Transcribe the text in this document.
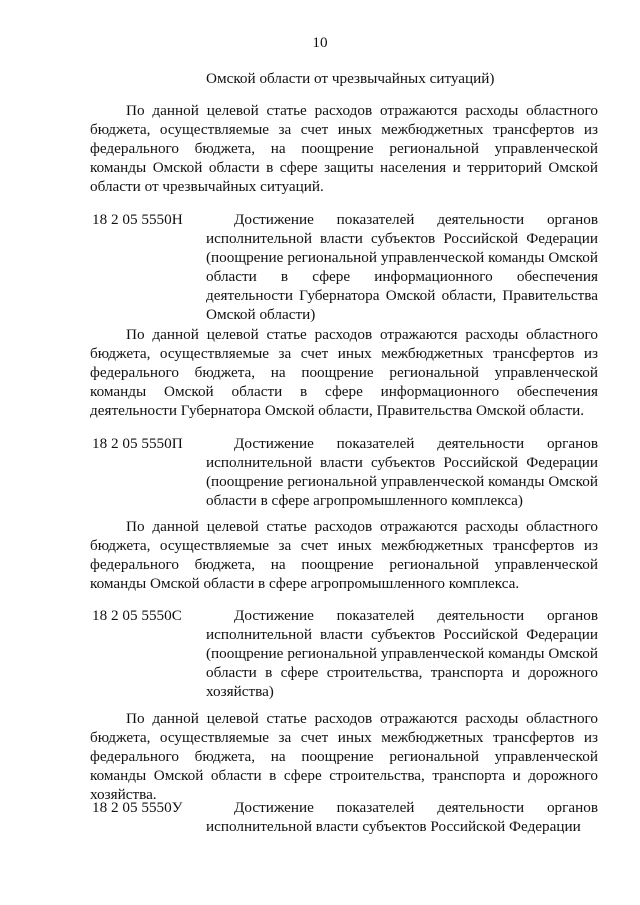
10
Омской области от чрезвычайных ситуаций)
По данной целевой статье расходов отражаются расходы областного бюджета, осуществляемые за счет иных межбюджетных трансфертов из федерального бюджета, на поощрение региональной управленческой команды Омской области в сфере защиты населения и территорий Омской области от чрезвычайных ситуаций.
18 2 05 5550Н	Достижение показателей деятельности органов исполнительной власти субъектов Российской Федерации (поощрение региональной управленческой команды Омской области в сфере информационного обеспечения деятельности Губернатора Омской области, Правительства Омской области)
По данной целевой статье расходов отражаются расходы областного бюджета, осуществляемые за счет иных межбюджетных трансфертов из федерального бюджета, на поощрение региональной управленческой команды Омской области в сфере информационного обеспечения деятельности Губернатора Омской области, Правительства Омской области.
18 2 05 5550П	Достижение показателей деятельности органов исполнительной власти субъектов Российской Федерации (поощрение региональной управленческой команды Омской области в сфере агропромышленного комплекса)
По данной целевой статье расходов отражаются расходы областного бюджета, осуществляемые за счет иных межбюджетных трансфертов из федерального бюджета, на поощрение региональной управленческой команды Омской области в сфере агропромышленного комплекса.
18 2 05 5550С	Достижение показателей деятельности органов исполнительной власти субъектов Российской Федерации (поощрение региональной управленческой команды Омской области в сфере строительства, транспорта и дорожного хозяйства)
По данной целевой статье расходов отражаются расходы областного бюджета, осуществляемые за счет иных межбюджетных трансфертов из федерального бюджета, на поощрение региональной управленческой команды Омской области в сфере строительства, транспорта и дорожного хозяйства.
18 2 05 5550У	Достижение показателей деятельности органов исполнительной власти субъектов Российской Федерации
